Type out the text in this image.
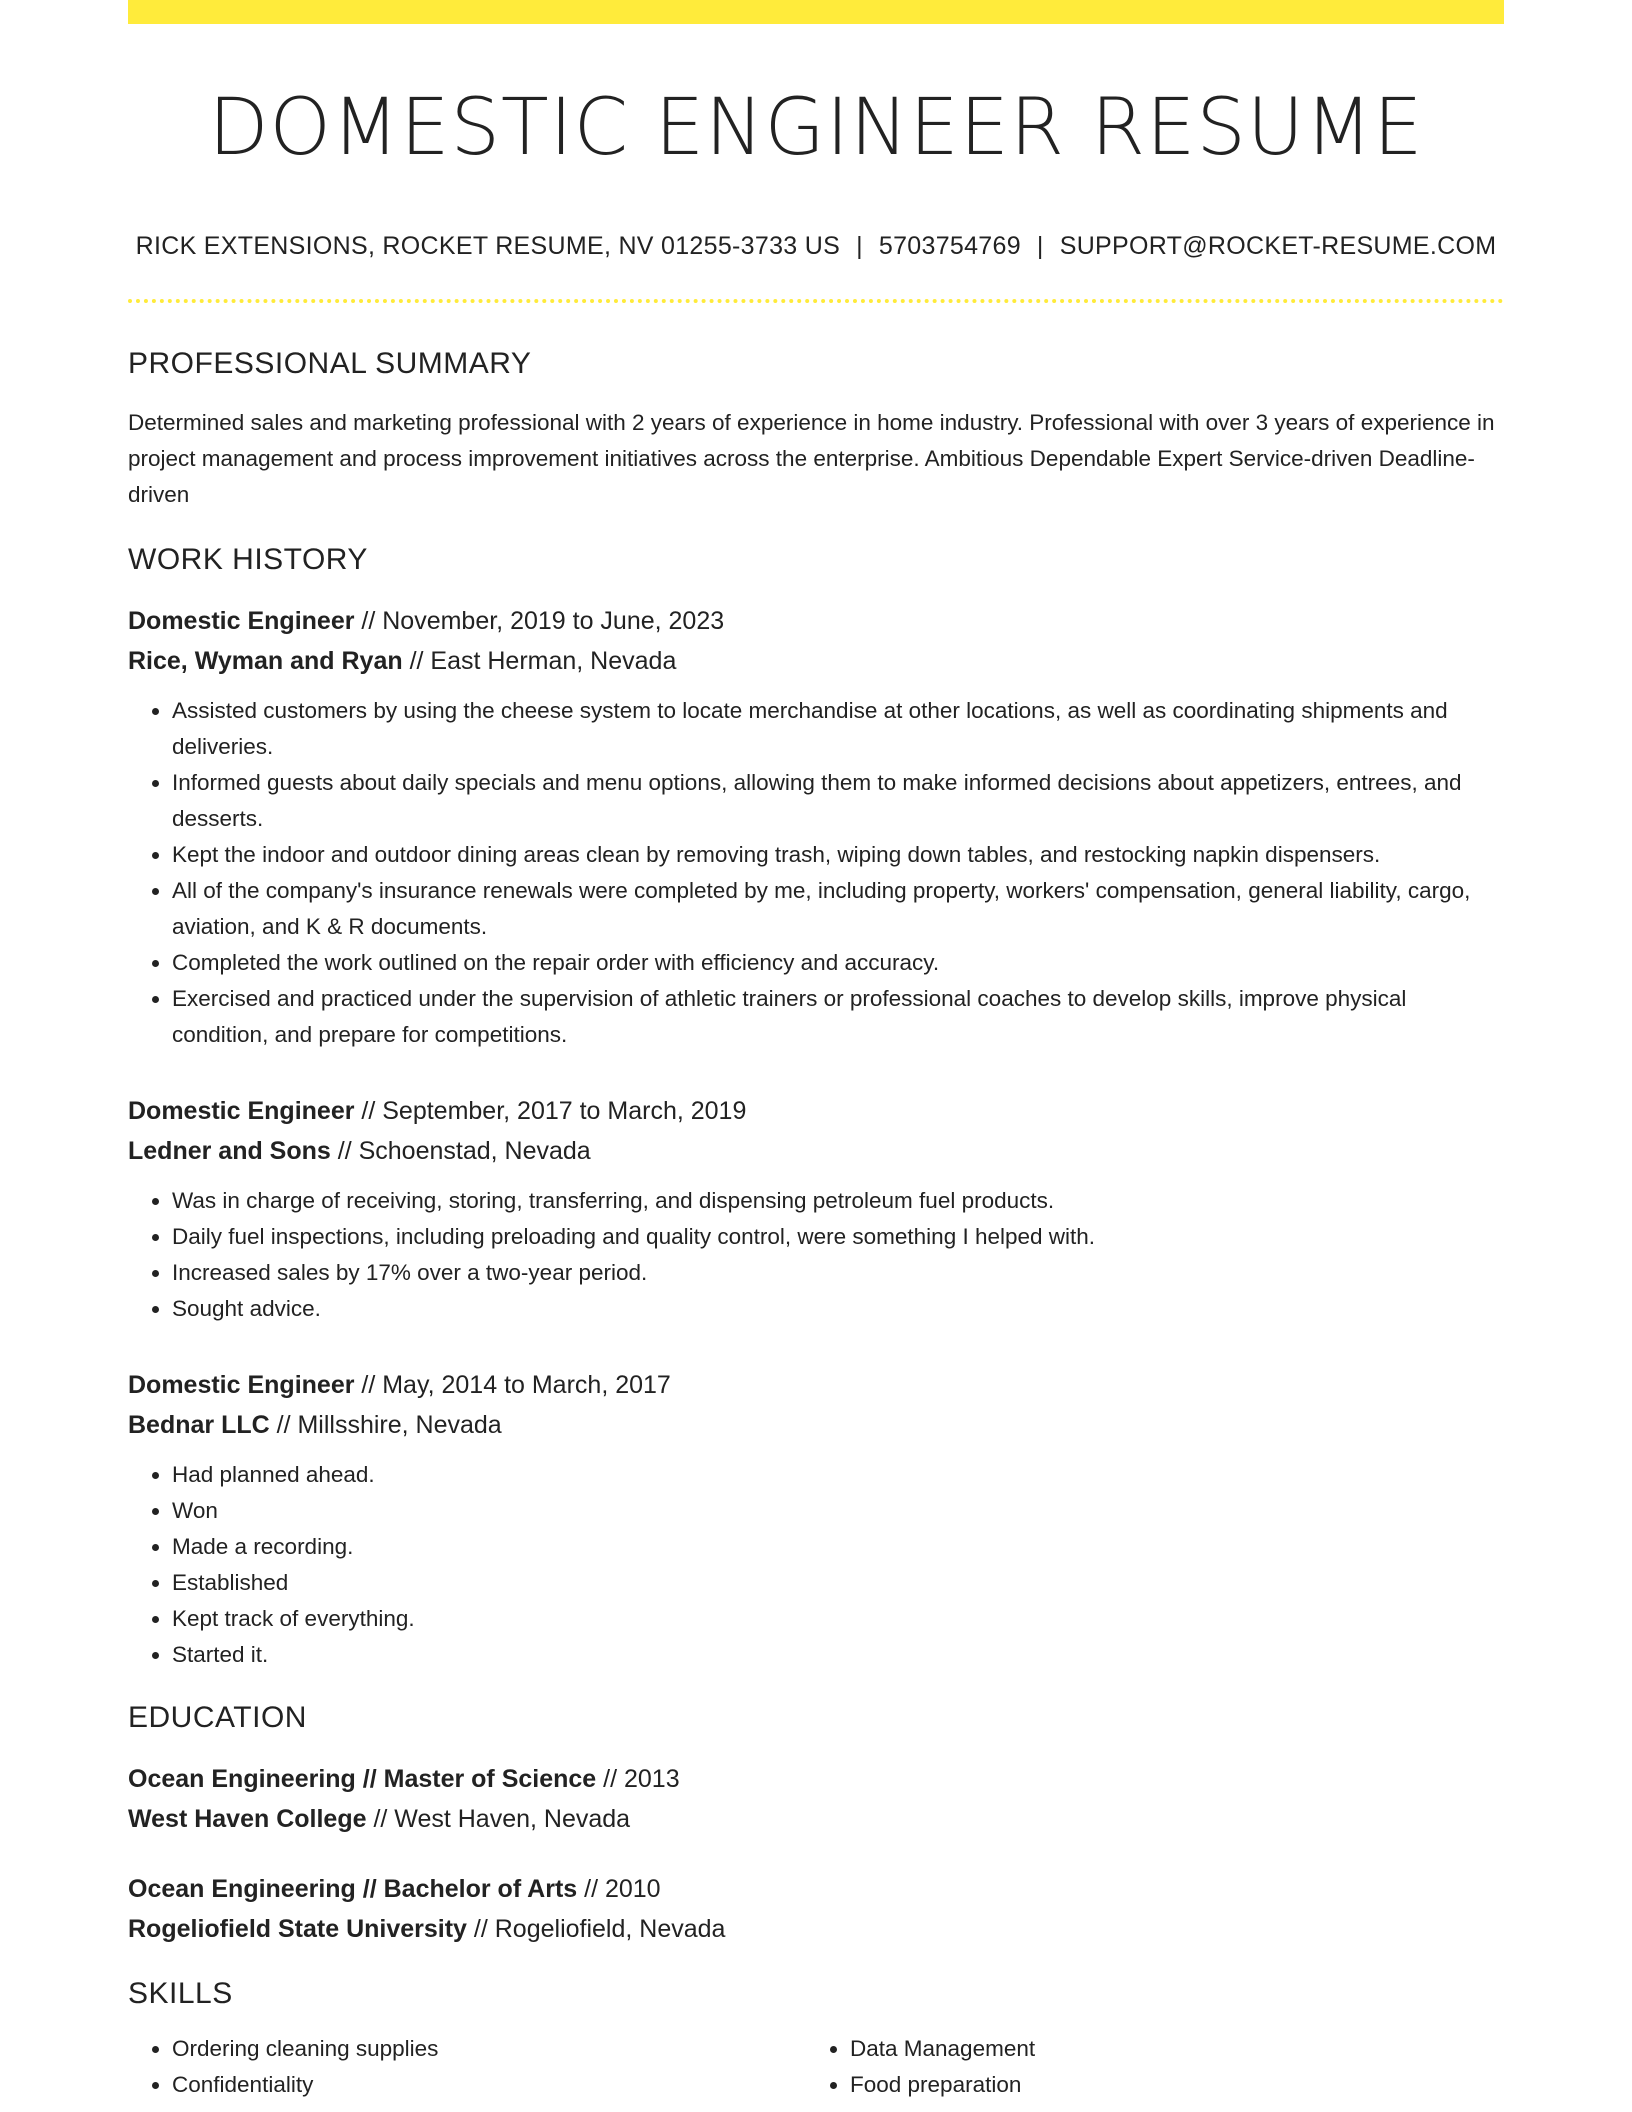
DOMESTIC ENGINEER RESUME
RICK EXTENSIONS, ROCKET RESUME, NV 01255-3733 US | 5703754769 | SUPPORT@ROCKET-RESUME.COM
PROFESSIONAL SUMMARY
Determined sales and marketing professional with 2 years of experience in home industry. Professional with over 3 years of experience in project management and process improvement initiatives across the enterprise. Ambitious Dependable Expert Service-driven Deadline-driven
WORK HISTORY
Domestic Engineer // November, 2019 to June, 2023
Rice, Wyman and Ryan // East Herman, Nevada
• Assisted customers by using the cheese system to locate merchandise at other locations, as well as coordinating shipments and deliveries.
• Informed guests about daily specials and menu options, allowing them to make informed decisions about appetizers, entrees, and desserts.
• Kept the indoor and outdoor dining areas clean by removing trash, wiping down tables, and restocking napkin dispensers.
• All of the company's insurance renewals were completed by me, including property, workers' compensation, general liability, cargo, aviation, and K & R documents.
• Completed the work outlined on the repair order with efficiency and accuracy.
• Exercised and practiced under the supervision of athletic trainers or professional coaches to develop skills, improve physical condition, and prepare for competitions.
Domestic Engineer // September, 2017 to March, 2019
Ledner and Sons // Schoenstad, Nevada
• Was in charge of receiving, storing, transferring, and dispensing petroleum fuel products.
• Daily fuel inspections, including preloading and quality control, were something I helped with.
• Increased sales by 17% over a two-year period.
• Sought advice.
Domestic Engineer // May, 2014 to March, 2017
Bednar LLC // Millsshire, Nevada
• Had planned ahead.
• Won
• Made a recording.
• Established
• Kept track of everything.
• Started it.
EDUCATION
Ocean Engineering // Master of Science // 2013
West Haven College // West Haven, Nevada
Ocean Engineering // Bachelor of Arts // 2010
Rogeliofield State University // Rogeliofield, Nevada
SKILLS
• Ordering cleaning supplies
• Confidentiality
• Data Management
• Food preparation
